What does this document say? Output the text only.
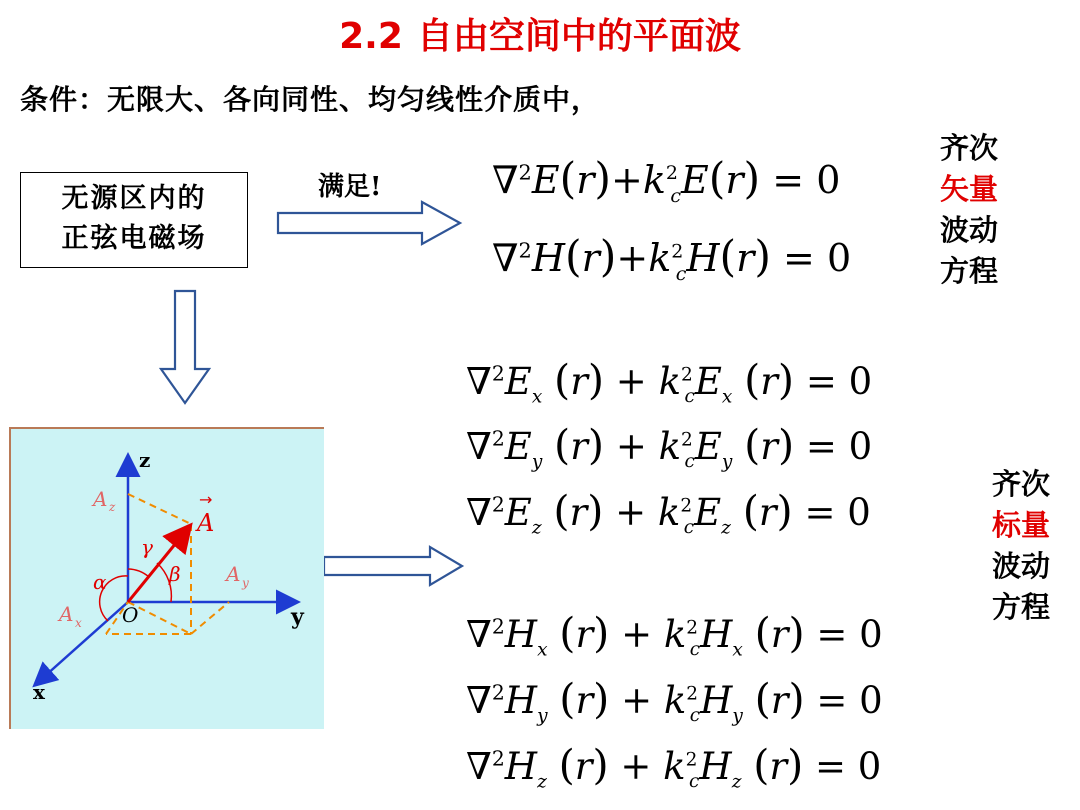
2.2 自由空间中的平面波
条件：无限大、各向同性、均匀线性介质中，
无源区内的
正弦电磁场
满足!	$\nabla^2E(r)+k^2_cE(r) = 0$
$\nabla^2H(r)+k^2_cH(r) = 0$
齐次
矢量
波动
方程
$\nabla^2E_x$ $(r) + k^2_cE_x$ (r) = 0
$\nabla^2E_y$ $(r) + k^2_cE_y$ (r) = 0
$\nabla^2E_z$ $(r) + k^2_cE_z$ (r) = 0
$\nabla^2H_x$ $(r) + k^2_cH_x$ (r) = 0
$\nabla^2H_y$ $(r) + k^2_cH_y$ (r) = 0
$\nabla^2H_z$ $(r) + k^2_cH_z$ (r) = 0
齐次
标量
波动
方程
z
y
x
O
A
→
γ
β
α
A z
A y
A x
